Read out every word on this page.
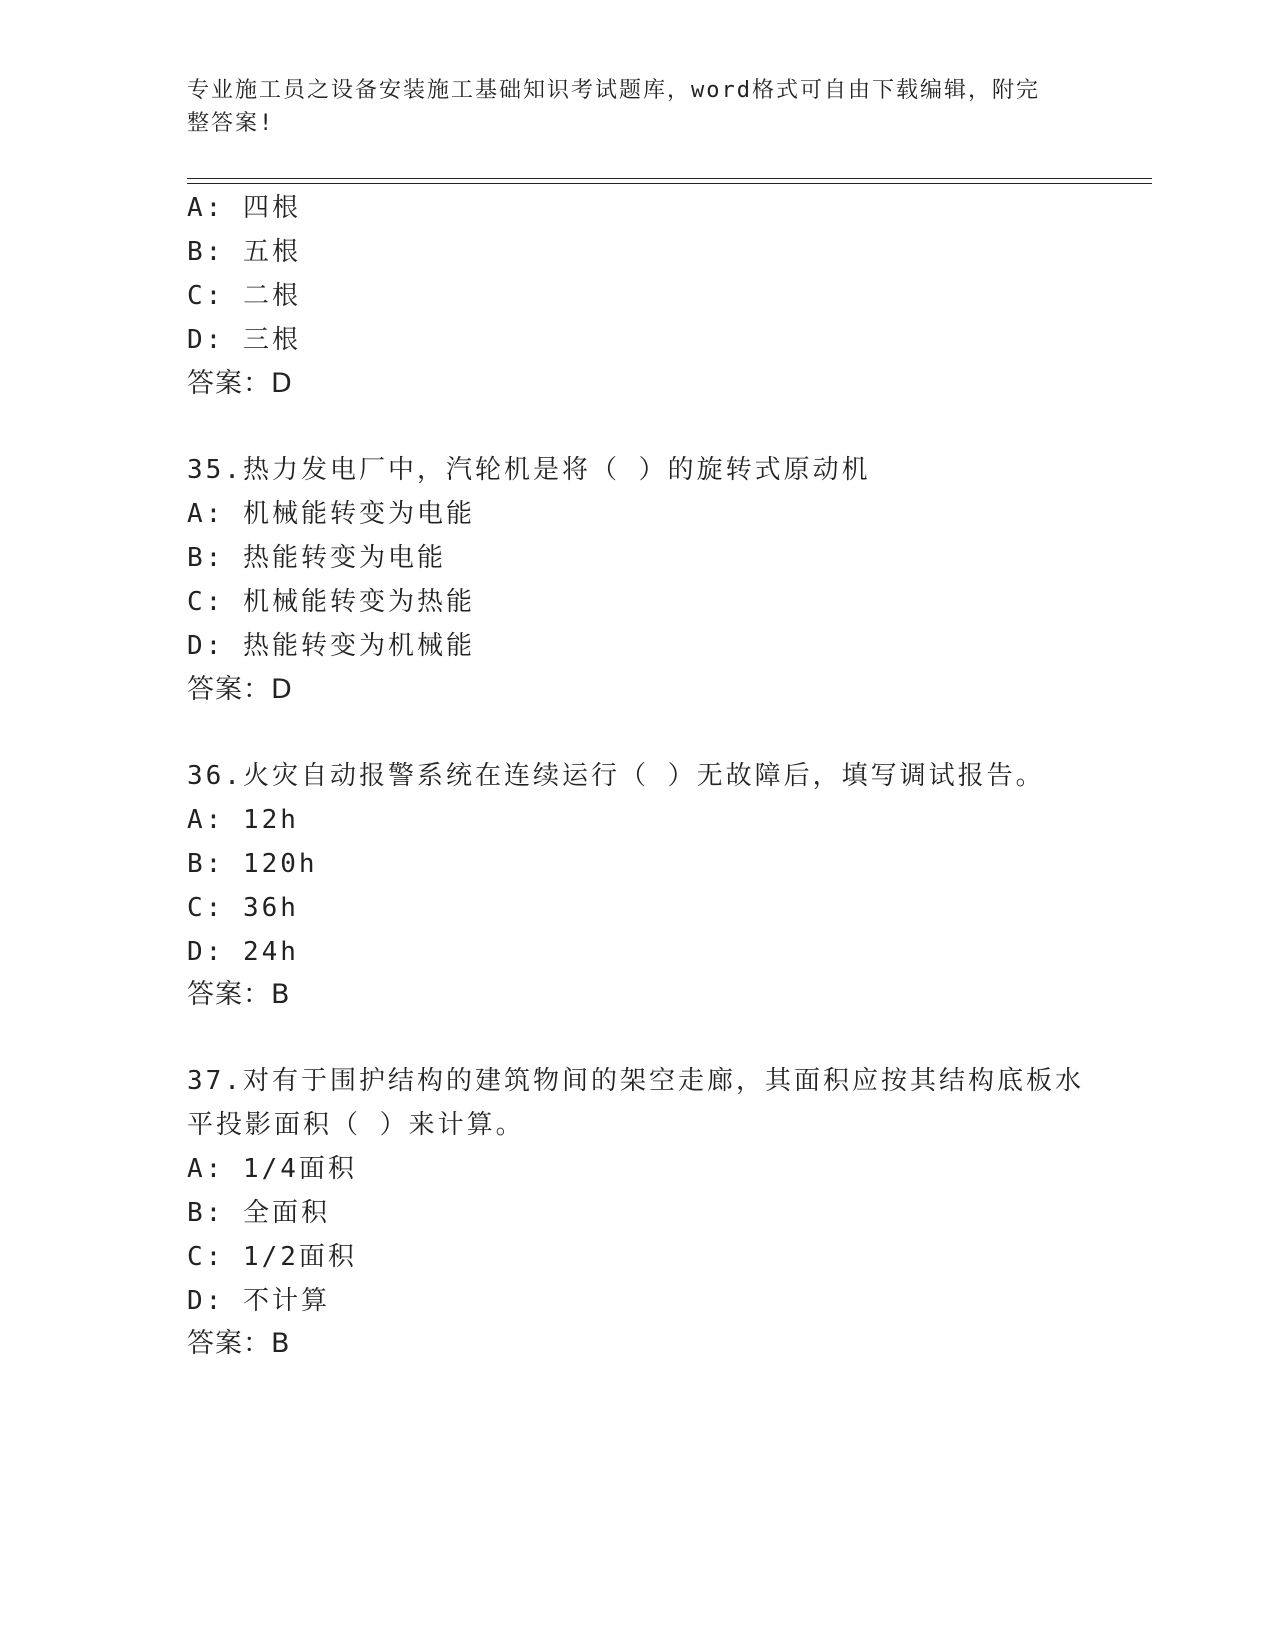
专业施工员之设备安装施工基础知识考试题库，word格式可自由下载编辑，附完
整答案!
A: 四根
B: 五根
C: 二根
D: 三根
答案：D
35.热力发电厂中，汽轮机是将（ ）的旋转式原动机
A: 机械能转变为电能
B: 热能转变为电能
C: 机械能转变为热能
D: 热能转变为机械能
答案：D
36.火灾自动报警系统在连续运行（ ）无故障后，填写调试报告。
A: 12h
B: 120h
C: 36h
D: 24h
答案：B
37.对有于围护结构的建筑物间的架空走廊，其面积应按其结构底板水
平投影面积（ ）来计算。
A: 1/4面积
B: 全面积
C: 1/2面积
D: 不计算
答案：B
